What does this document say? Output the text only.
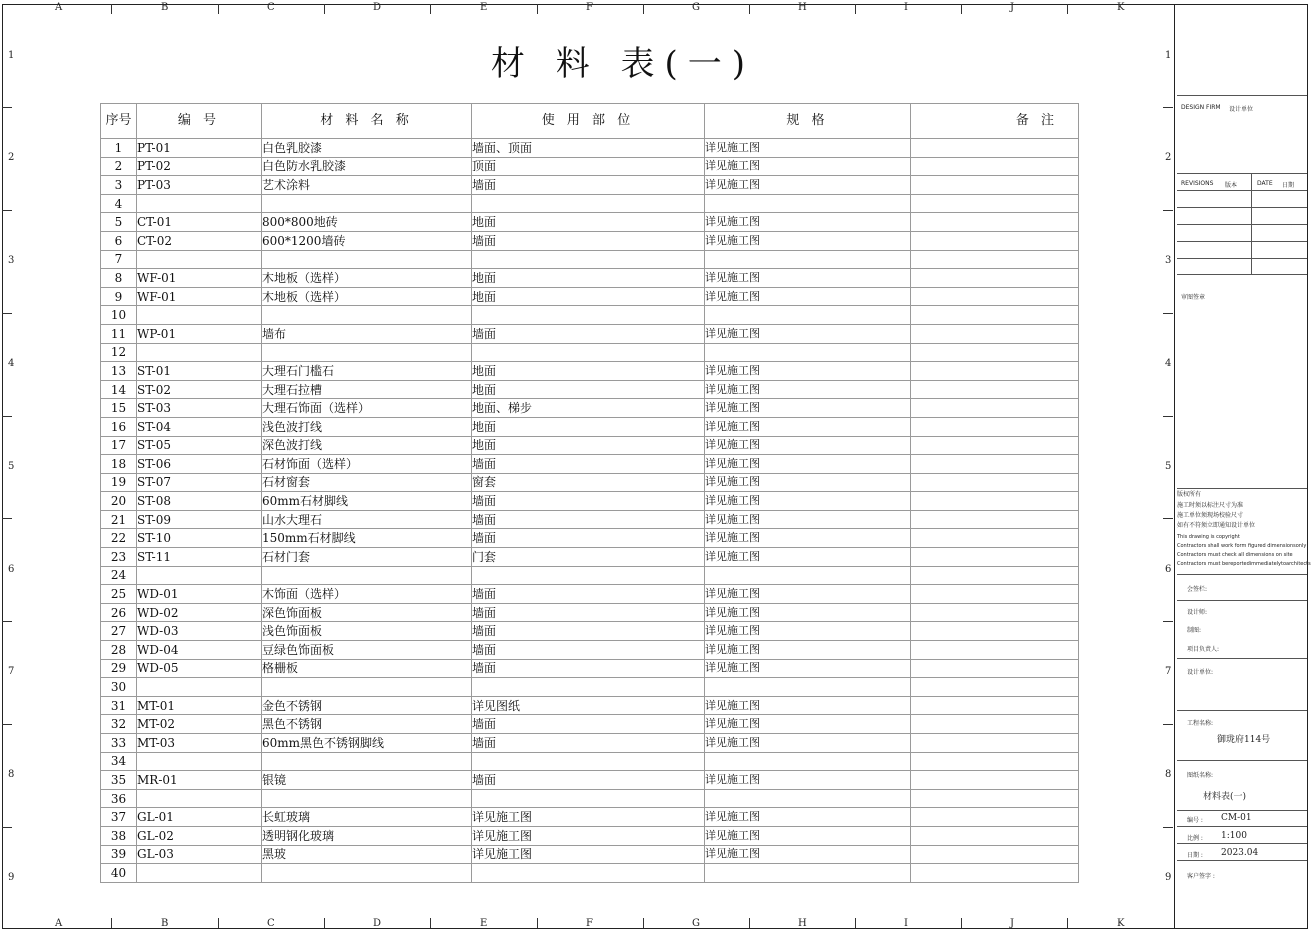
A
A
B
B
C
C
D
D
E
E
F
F
G
G
H
H
I
I
J
J
K
K
1	1
2	2
3	3
4	4
5	5
6	6
7	7
8	8
9	9
材 料 表(一)
序号	编 号	材 料 名 称	使 用 部 位	规 格	备 注
1	PT-01	白色乳胶漆	墙面、顶面	详见施工图	
2	PT-02	白色防水乳胶漆	顶面	详见施工图	
3	PT-03	艺术涂料	墙面	详见施工图	
4					
5	CT-01	800*800地砖	地面	详见施工图	
6	CT-02	600*1200墙砖	墙面	详见施工图	
7					
8	WF-01	木地板（选样）	地面	详见施工图	
9	WF-01	木地板（选样）	地面	详见施工图	
10					
11	WP-01	墙布	墙面	详见施工图	
12					
13	ST-01	大理石门槛石	地面	详见施工图	
14	ST-02	大理石拉槽	地面	详见施工图	
15	ST-03	大理石饰面（选样）	地面、梯步	详见施工图	
16	ST-04	浅色波打线	地面	详见施工图	
17	ST-05	深色波打线	地面	详见施工图	
18	ST-06	石材饰面（选样）	墙面	详见施工图	
19	ST-07	石材窗套	窗套	详见施工图	
20	ST-08	60mm石材脚线	墙面	详见施工图	
21	ST-09	山水大理石	墙面	详见施工图	
22	ST-10	150mm石材脚线	墙面	详见施工图	
23	ST-11	石材门套	门套	详见施工图	
24					
25	WD-01	木饰面（选样）	墙面	详见施工图	
26	WD-02	深色饰面板	墙面	详见施工图	
27	WD-03	浅色饰面板	墙面	详见施工图	
28	WD-04	豆绿色饰面板	墙面	详见施工图	
29	WD-05	格栅板	墙面	详见施工图	
30					
31	MT-01	金色不锈钢	详见图纸	详见施工图	
32	MT-02	黑色不锈钢	墙面	详见施工图	
33	MT-03	60mm黑色不锈钢脚线	墙面	详见施工图	
34					
35	MR-01	银镜	墙面	详见施工图	
36					
37	GL-01	长虹玻璃	详见施工图	详见施工图	
38	GL-02	透明钢化玻璃	详见施工图	详见施工图	
39	GL-03	黑玻	详见施工图	详见施工图	
40					
DESIGN FIRM 设计单位
REVISIONS 版本	DATE 日期
审图签章
版权所有
施工时须以标注尺寸为准
施工单位须现场校验尺寸
如有不符须立即通知设计单位
This drawing is copyright
Contractors shall work form figured dimensionsonly
Contractors must check all dimensions on site
Contractors must bereportedimmediatelytoarchitects
会签栏:
设计师:
制图:
项目负责人:
设计单位:
工程名称:
御珑府114号
图纸名称:
材料表(一)
编号 : CM-01
比例 : 1:100
日期 : 2023.04
客户签字 :
